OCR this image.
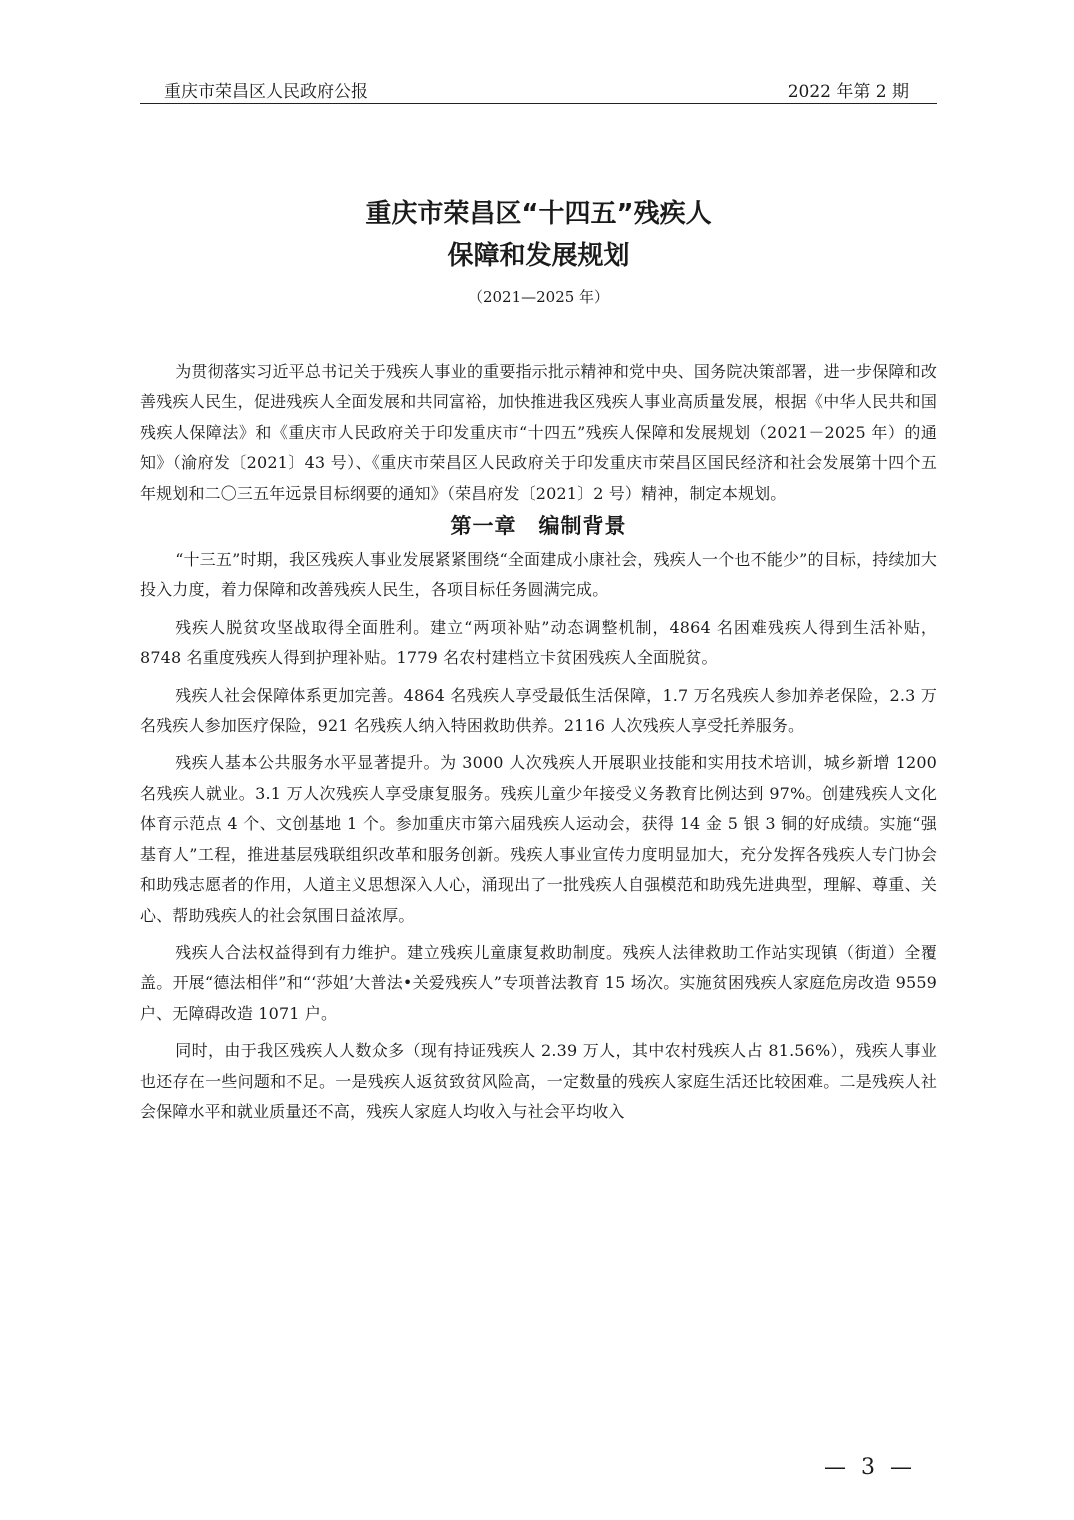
重庆市荣昌区人民政府公报	2022 年第 2 期
重庆市荣昌区“十四五”残疾人
保障和发展规划
（2021—2025 年）

为贯彻落实习近平总书记关于残疾人事业的重要指示批示精神和党中央、国务院决策部署，进一步保障和改善残疾人民生，促进残疾人全面发展和共同富裕，加快推进我区残疾人事业高质量发展，根据《中华人民共和国残疾人保障法》和《重庆市人民政府关于印发重庆市“十四五”残疾人保障和发展规划（2021－2025 年）的通知》（渝府发〔2021〕43 号）、《重庆市荣昌区人民政府关于印发重庆市荣昌区国民经济和社会发展第十四个五年规划和二〇三五年远景目标纲要的通知》（荣昌府发〔2021〕2 号）精神，制定本规划。

第一章　编制背景

“十三五”时期，我区残疾人事业发展紧紧围绕“全面建成小康社会，残疾人一个也不能少”的目标，持续加大投入力度，着力保障和改善残疾人民生，各项目标任务圆满完成。

残疾人脱贫攻坚战取得全面胜利。建立“两项补贴”动态调整机制，4864 名困难残疾人得到生活补贴，8748 名重度残疾人得到护理补贴。1779 名农村建档立卡贫困残疾人全面脱贫。

残疾人社会保障体系更加完善。4864 名残疾人享受最低生活保障，1.7 万名残疾人参加养老保险，2.3 万名残疾人参加医疗保险，921 名残疾人纳入特困救助供养。2116 人次残疾人享受托养服务。

残疾人基本公共服务水平显著提升。为 3000 人次残疾人开展职业技能和实用技术培训，城乡新增 1200 名残疾人就业。3.1 万人次残疾人享受康复服务。残疾儿童少年接受义务教育比例达到 97%。创建残疾人文化体育示范点 4 个、文创基地 1 个。参加重庆市第六届残疾人运动会，获得 14 金 5 银 3 铜的好成绩。实施“强基育人”工程，推进基层残联组织改革和服务创新。残疾人事业宣传力度明显加大，充分发挥各残疾人专门协会和助残志愿者的作用，人道主义思想深入人心，涌现出了一批残疾人自强模范和助残先进典型，理解、尊重、关心、帮助残疾人的社会氛围日益浓厚。

残疾人合法权益得到有力维护。建立残疾儿童康复救助制度。残疾人法律救助工作站实现镇（街道）全覆盖。开展“德法相伴”和“‘莎姐’大普法•关爱残疾人”专项普法教育 15 场次。实施贫困残疾人家庭危房改造 9559 户、无障碍改造 1071 户。

同时，由于我区残疾人人数众多（现有持证残疾人 2.39 万人，其中农村残疾人占 81.56%），残疾人事业也还存在一些问题和不足。一是残疾人返贫致贫风险高，一定数量的残疾人家庭生活还比较困难。二是残疾人社会保障水平和就业质量还不高，残疾人家庭人均收入与社会平均收入

— 3 —
